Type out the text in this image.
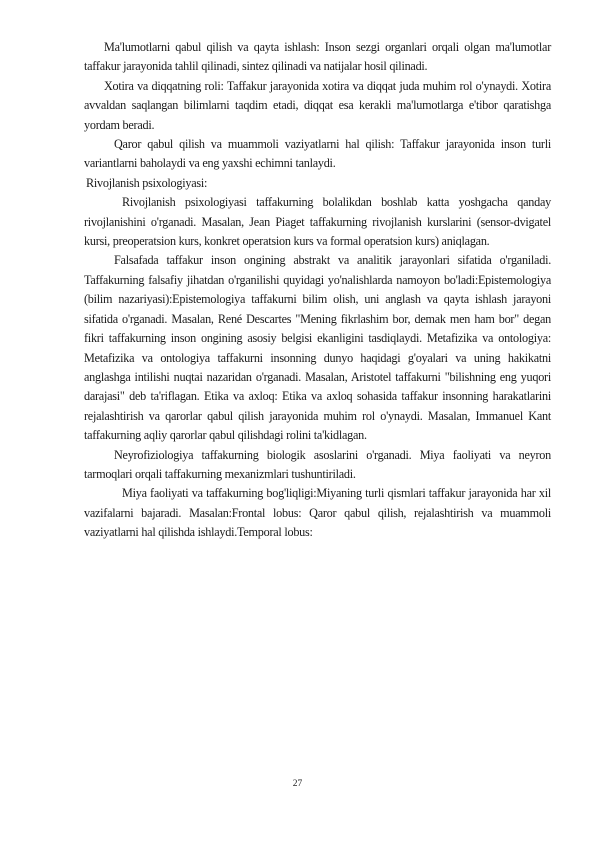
Ma'lumotlarni qabul qilish va qayta ishlash: Inson sezgi organlari orqali olgan ma'lumotlar taffakur jarayonida tahlil qilinadi, sintez qilinadi va natijalar hosil qilinadi.

Xotira va diqqatning roli: Taffakur jarayonida xotira va diqqat juda muhim rol o'ynaydi. Xotira avvaldan saqlangan bilimlarni taqdim etadi, diqqat esa kerakli ma'lumotlarga e'tibor qaratishga yordam beradi.

Qaror qabul qilish va muammoli vaziyatlarni hal qilish: Taffakur jarayonida inson turli variantlarni baholaydi va eng yaxshi echimni tanlaydi.

Rivojlanish psixologiyasi:

Rivojlanish psixologiyasi taffakurning bolalikdan boshlab katta yoshgacha qanday rivojlanishini o'rganadi. Masalan, Jean Piaget taffakurning rivojlanish kurslarini (sensor-dvigatel kursi, preoperatsion kurs, konkret operatsion kurs va formal operatsion kurs) aniqlagan.

Falsafada taffakur inson ongining abstrakt va analitik jarayonlari sifatida o'rganiladi. Taffakurning falsafiy jihatdan o'rganilishi quyidagi yo'nalishlarda namoyon bo'ladi:Epistemologiya (bilim nazariyasi):Epistemologiya taffakurni bilim olish, uni anglash va qayta ishlash jarayoni sifatida o'rganadi. Masalan, René Descartes "Mening fikrlashim bor, demak men ham bor" degan fikri taffakurning inson ongining asosiy belgisi ekanligini tasdiqlaydi. Metafizika va ontologiya: Metafizika va ontologiya taffakurni insonning dunyo haqidagi g'oyalari va uning hakikatni anglashga intilishi nuqtai nazaridan o'rganadi. Masalan, Aristotel taffakurni "bilishning eng yuqori darajasi" deb ta'riflagan. Etika va axloq: Etika va axloq sohasida taffakur insonning harakatlarini rejalashtirish va qarorlar qabul qilish jarayonida muhim rol o'ynaydi. Masalan, Immanuel Kant taffakurning aqliy qarorlar qabul qilishdagi rolini ta'kidlagan.

Neyrofiziologiya taffakurning biologik asoslarini o'rganadi. Miya faoliyati va neyron tarmoqlari orqali taffakurning mexanizmlari tushuntiriladi.

Miya faoliyati va taffakurning bog'liqligi:Miyaning turli qismlari taffakur jarayonida har xil vazifalarni bajaradi. Masalan:Frontal lobus: Qaror qabul qilish, rejalashtirish va muammoli vaziyatlarni hal qilishda ishlaydi.Temporal lobus:

27
